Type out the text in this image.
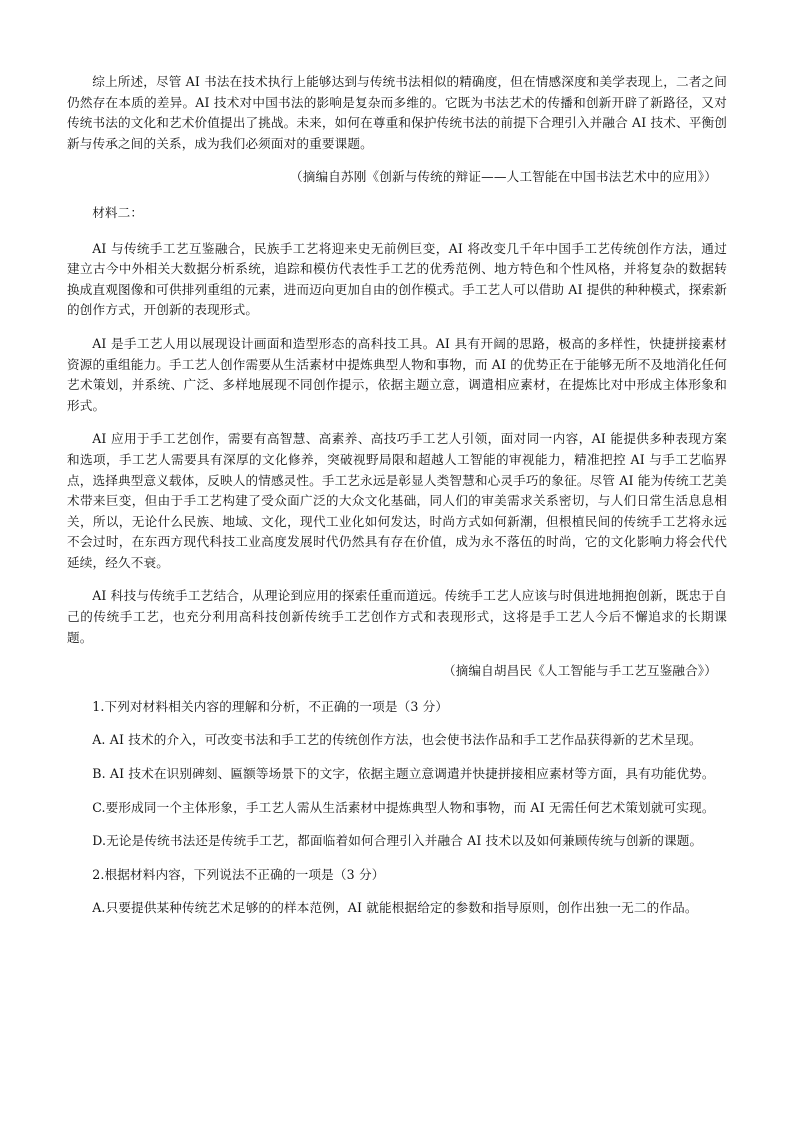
综上所述，尽管 AI 书法在技术执行上能够达到与传统书法相似的精确度，但在情感深度和美学表现上，二者之间仍然存在本质的差异。AI 技术对中国书法的影响是复杂而多维的。它既为书法艺术的传播和创新开辟了新路径，又对传统书法的文化和艺术价值提出了挑战。未来，如何在尊重和保护传统书法的前提下合理引入并融合 AI 技术、平衡创新与传承之间的关系，成为我们必须面对的重要课题。

（摘编自苏刚《创新与传统的辩证——人工智能在中国书法艺术中的应用》）

材料二：

AI 与传统手工艺互鉴融合，民族手工艺将迎来史无前例巨变，AI 将改变几千年中国手工艺传统创作方法，通过建立古今中外相关大数据分析系统，追踪和模仿代表性手工艺的优秀范例、地方特色和个性风格，并将复杂的数据转换成直观图像和可供排列重组的元素，进而迈向更加自由的创作模式。手工艺人可以借助 AI 提供的种种模式，探索新的创作方式，开创新的表现形式。

AI 是手工艺人用以展现设计画面和造型形态的高科技工具。AI 具有开阔的思路，极高的多样性，快捷拼接素材资源的重组能力。手工艺人创作需要从生活素材中提炼典型人物和事物，而 AI 的优势正在于能够无所不及地消化任何艺术策划，并系统、广泛、多样地展现不同创作提示，依据主题立意，调遣相应素材，在提炼比对中形成主体形象和形式。

AI 应用于手工艺创作，需要有高智慧、高素养、高技巧手工艺人引领，面对同一内容，AI 能提供多种表现方案和选项，手工艺人需要具有深厚的文化修养，突破视野局限和超越人工智能的审视能力，精准把控 AI 与手工艺临界点，选择典型意义载体，反映人的情感灵性。手工艺永远是彰显人类智慧和心灵手巧的象征。尽管 AI 能为传统工艺美术带来巨变，但由于手工艺构建了受众面广泛的大众文化基础，同人们的审美需求关系密切，与人们日常生活息息相关，所以，无论什么民族、地域、文化，现代工业化如何发达，时尚方式如何新潮，但根植民间的传统手工艺将永远不会过时，在东西方现代科技工业高度发展时代仍然具有存在价值，成为永不落伍的时尚，它的文化影响力将会代代延续，经久不衰。

AI 科技与传统手工艺结合，从理论到应用的探索任重而道远。传统手工艺人应该与时俱进地拥抱创新，既忠于自己的传统手工艺，也充分利用高科技创新传统手工艺创作方式和表现形式，这将是手工艺人今后不懈追求的长期课题。

（摘编自胡昌民《人工智能与手工艺互鉴融合》）

1.下列对材料相关内容的理解和分析，不正确的一项是（3 分）

A. AI 技术的介入，可改变书法和手工艺的传统创作方法，也会使书法作品和手工艺作品获得新的艺术呈现。

B. AI 技术在识别碑刻、匾额等场景下的文字，依据主题立意调遣并快捷拼接相应素材等方面，具有功能优势。

C.要形成同一个主体形象，手工艺人需从生活素材中提炼典型人物和事物，而 AI 无需任何艺术策划就可实现。

D.无论是传统书法还是传统手工艺，都面临着如何合理引入并融合 AI 技术以及如何兼顾传统与创新的课题。

2.根据材料内容，下列说法不正确的一项是（3 分）

A.只要提供某种传统艺术足够的的样本范例，AI 就能根据给定的参数和指导原则，创作出独一无二的作品。
